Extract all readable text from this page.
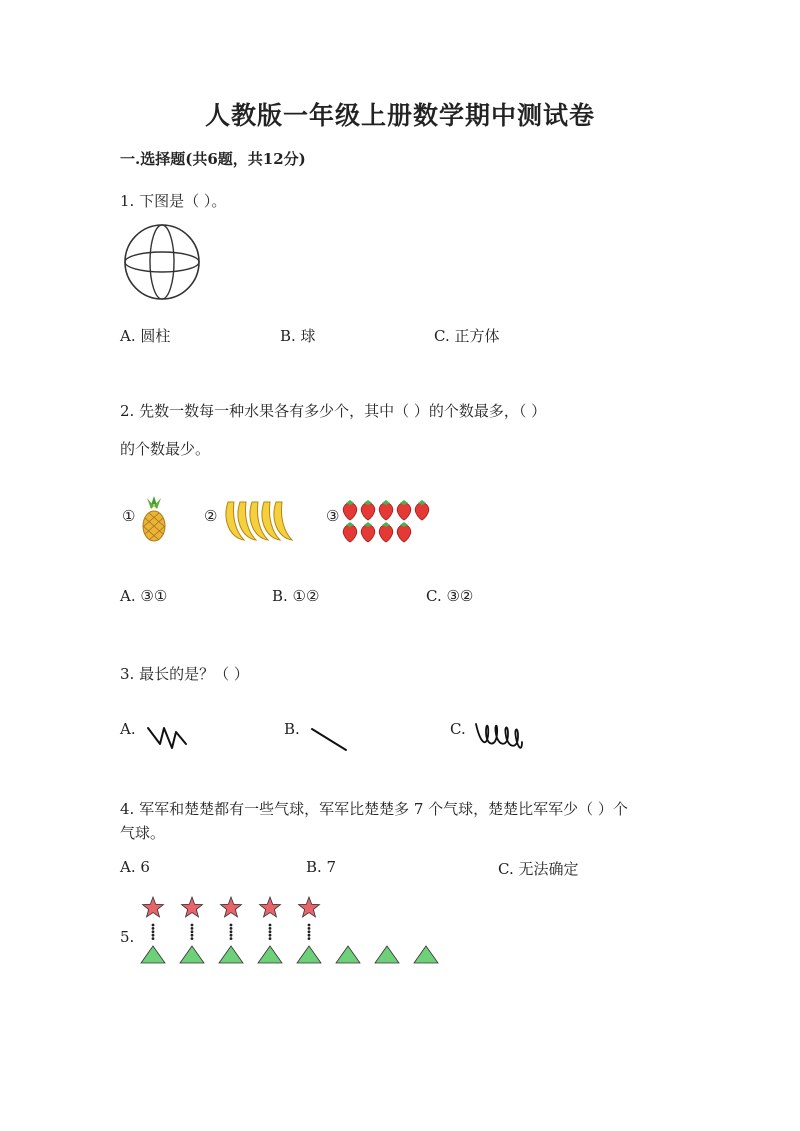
人教版一年级上册数学期中测试卷
一.选择题(共6题，共12分)
1. 下图是（ ）。
A. 圆柱	B. 球	C. 正方体
2. 先数一数每一种水果各有多少个，其中（ ）的个数最多，（ ）
的个数最少。
①	②	③
A. ③①	B. ①②	C. ③②
3. 最长的是？（ ）
A.	B.	C.
4. 军军和楚楚都有一些气球，军军比楚楚多 7 个气球，楚楚比军军少（ ）个
气球。
A. 6	B. 7	C. 无法确定
5.
